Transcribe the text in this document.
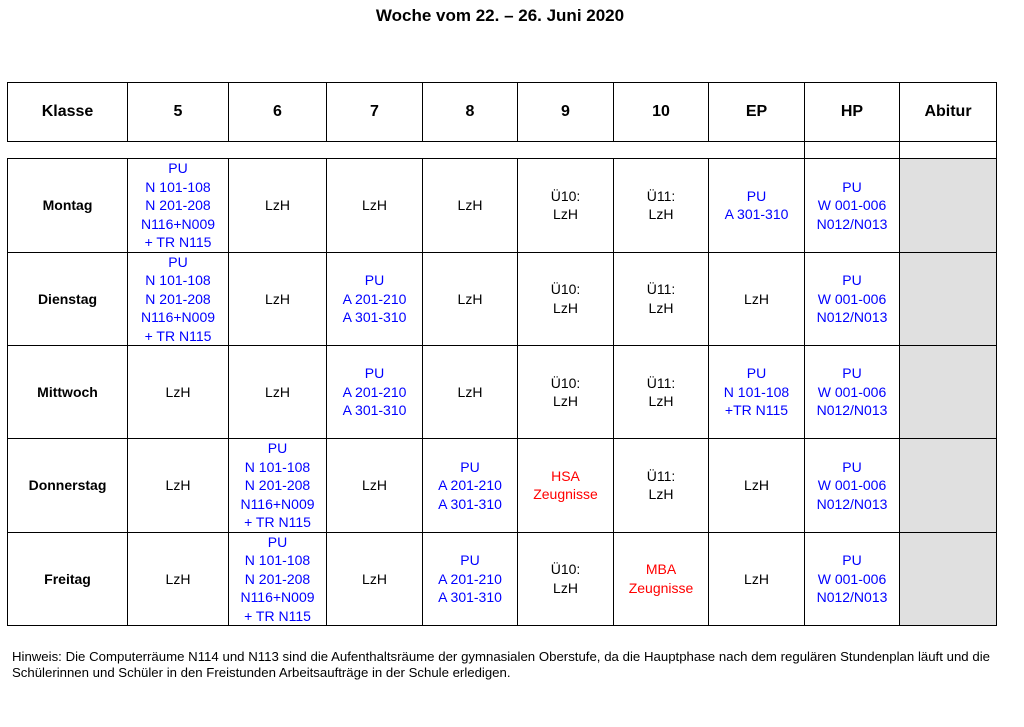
Woche vom 22. – 26. Juni 2020
Klasse	5	6	7	8	9	10	EP	HP	Abitur

Montag	PU
N 101-108
N 201-208
N116+N009
+ TR N115	LzH	LzH	LzH	Ü10:
LzH	Ü11:
LzH	PU
A 301-310	PU
W 001-006
N012/N013	

Dienstag	PU
N 101-108
N 201-208
N116+N009
+ TR N115	LzH	PU
A 201-210
A 301-310	LzH	Ü10:
LzH	Ü11:
LzH	LzH	PU
W 001-006
N012/N013	

Mittwoch	LzH	LzH	PU
A 201-210
A 301-310	LzH	Ü10:
LzH	Ü11:
LzH	PU
N 101-108
+TR N115	PU
W 001-006
N012/N013	

Donnerstag	LzH	PU
N 101-108
N 201-208
N116+N009
+ TR N115	LzH	PU
A 201-210
A 301-310	HSA
Zeugnisse	Ü11:
LzH	LzH	PU
W 001-006
N012/N013	

Freitag	LzH	PU
N 101-108
N 201-208
N116+N009
+ TR N115	LzH	PU
A 201-210
A 301-310	Ü10:
LzH	MBA
Zeugnisse	LzH	PU
W 001-006
N012/N013	

Hinweis: Die Computerräume N114 und N113 sind die Aufenthaltsräume der gymnasialen Oberstufe, da die Hauptphase nach dem regulären Stundenplan läuft und die Schülerinnen und Schüler in den Freistunden Arbeitsaufträge in der Schule erledigen.
